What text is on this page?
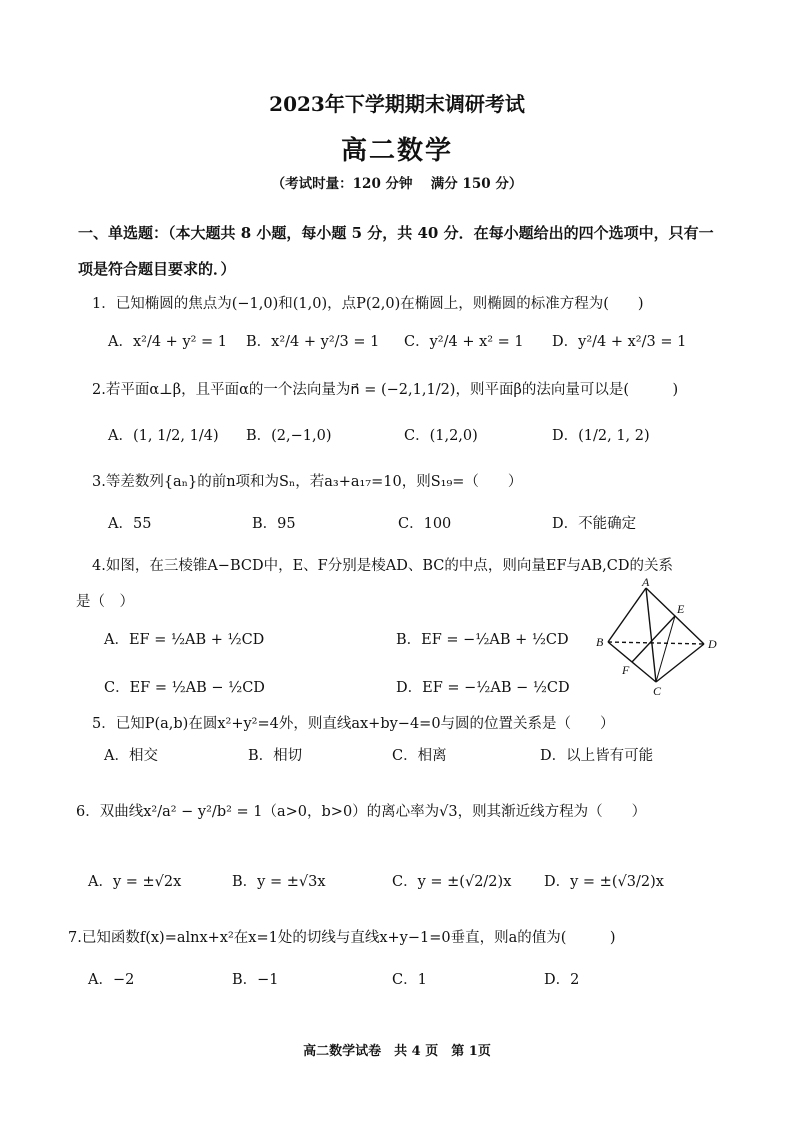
2023年下学期期末调研考试
高二数学
（考试时量：120 分钟　 满分 150 分）
一、单选题：（本大题共 8 小题，每小题 5 分，共 40 分．在每小题给出的四个选项中，只有一
项是符合题目要求的．）
1．已知椭圆的焦点为(−1,0)和(1,0)，点P(2,0)在椭圆上，则椭圆的标准方程为(　　)
A．x²/4 + y² = 1 B．x²/4 + y²/3 = 1 C．y²/4 + x² = 1 D．y²/4 + x²/3 = 1
2.若平面α⊥β，且平面α的一个法向量为n⃗ = (−2,1,1/2)，则平面β的法向量可以是(　　　)
A．(1, 1/2, 1/4) B．(2,−1,0)	C．(1,2,0)	D．(1/2, 1, 2)
3.等差数列{aₙ}的前n项和为Sₙ，若a₃+a₁₇=10，则S₁₉=（　　）
A．55	B．95	C．100	D．不能确定
4.如图，在三棱锥A−BCD中，E、F分别是棱AD、BC的中点，则向量EF与AB,CD的关系
是（　）
A．EF = ½AB + ½CD	B．EF = −½AB + ½CD
C．EF = ½AB − ½CD	D．EF = −½AB − ½CD
A
B
C
D
E
F
5．已知P(a,b)在圆x²+y²=4外，则直线ax+by−4=0与圆的位置关系是（　　）
A．相交	B．相切	C．相离	D．以上皆有可能
6．双曲线x²/a² − y²/b² = 1（a>0，b>0）的离心率为√3，则其渐近线方程为（　　）
A．y = ±√2x	B．y = ±√3x	C．y = ±(√2/2)x D．y = ±(√3/2)x
7.已知函数f(x)=alnx+x²在x=1处的切线与直线x+y−1=0垂直，则a的值为(　　　)
A．−2	B．−1	C．1	D．2
高二数学试卷　共 4 页　第 1页
